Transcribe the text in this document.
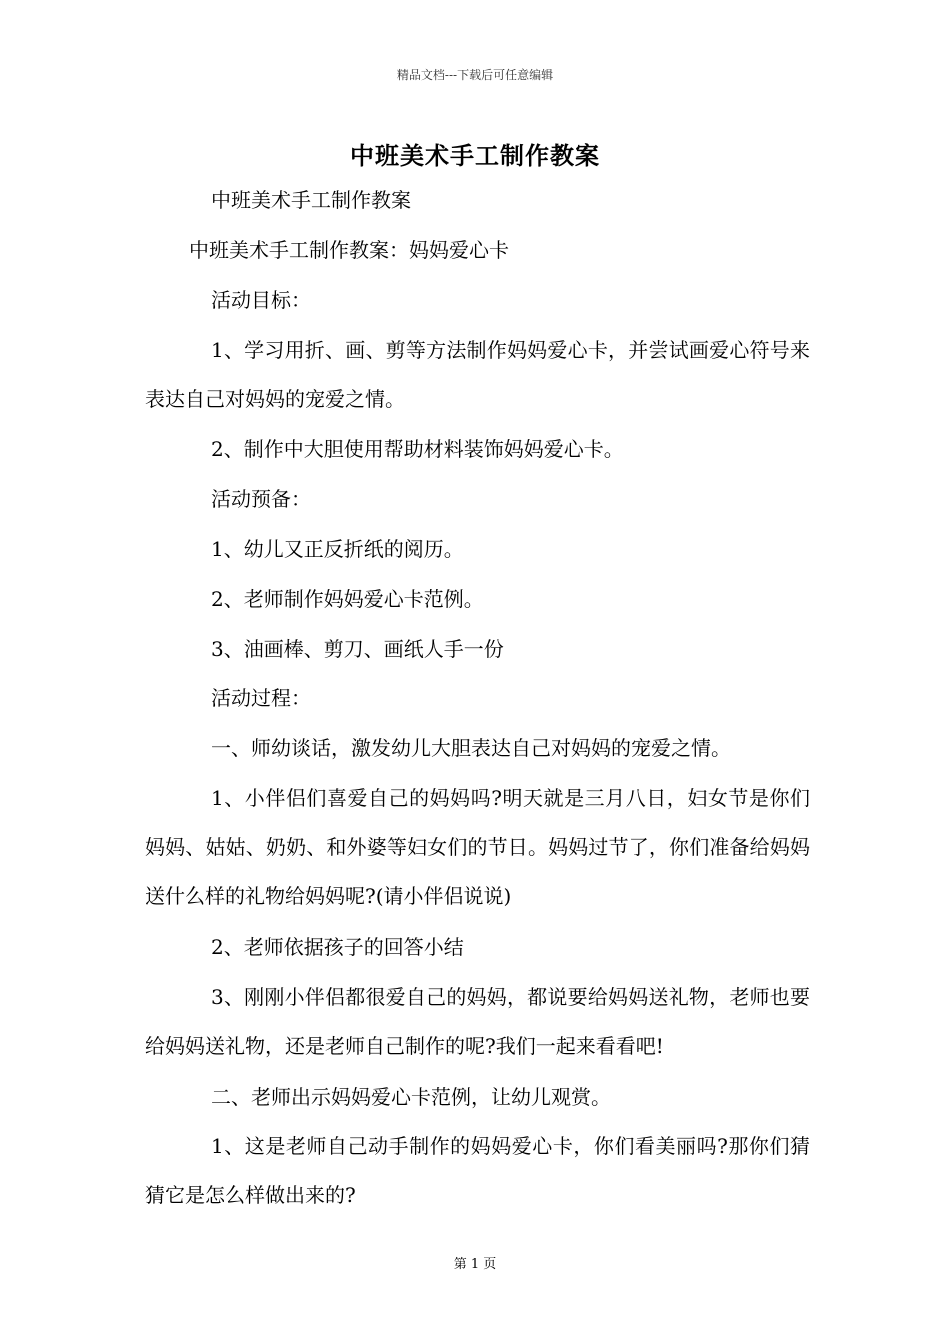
精品文档---下载后可任意编辑
中班美术手工制作教案
中班美术手工制作教案
中班美术手工制作教案：妈妈爱心卡
活动目标：
1、学习用折、画、剪等方法制作妈妈爱心卡，并尝试画爱心符号来表达自己对妈妈的宠爱之情。
2、制作中大胆使用帮助材料装饰妈妈爱心卡。
活动预备：
1、幼儿又正反折纸的阅历。
2、老师制作妈妈爱心卡范例。
3、油画棒、剪刀、画纸人手一份
活动过程：
一、师幼谈话，激发幼儿大胆表达自己对妈妈的宠爱之情。
1、小伴侣们喜爱自己的妈妈吗?明天就是三月八日，妇女节是你们妈妈、姑姑、奶奶、和外婆等妇女们的节日。妈妈过节了，你们准备给妈妈送什么样的礼物给妈妈呢?(请小伴侣说说)
2、老师依据孩子的回答小结
3、刚刚小伴侣都很爱自己的妈妈，都说要给妈妈送礼物，老师也要给妈妈送礼物，还是老师自己制作的呢?我们一起来看看吧!
二、老师出示妈妈爱心卡范例，让幼儿观赏。
1、这是老师自己动手制作的妈妈爱心卡，你们看美丽吗?那你们猜猜它是怎么样做出来的?
第 1 页
